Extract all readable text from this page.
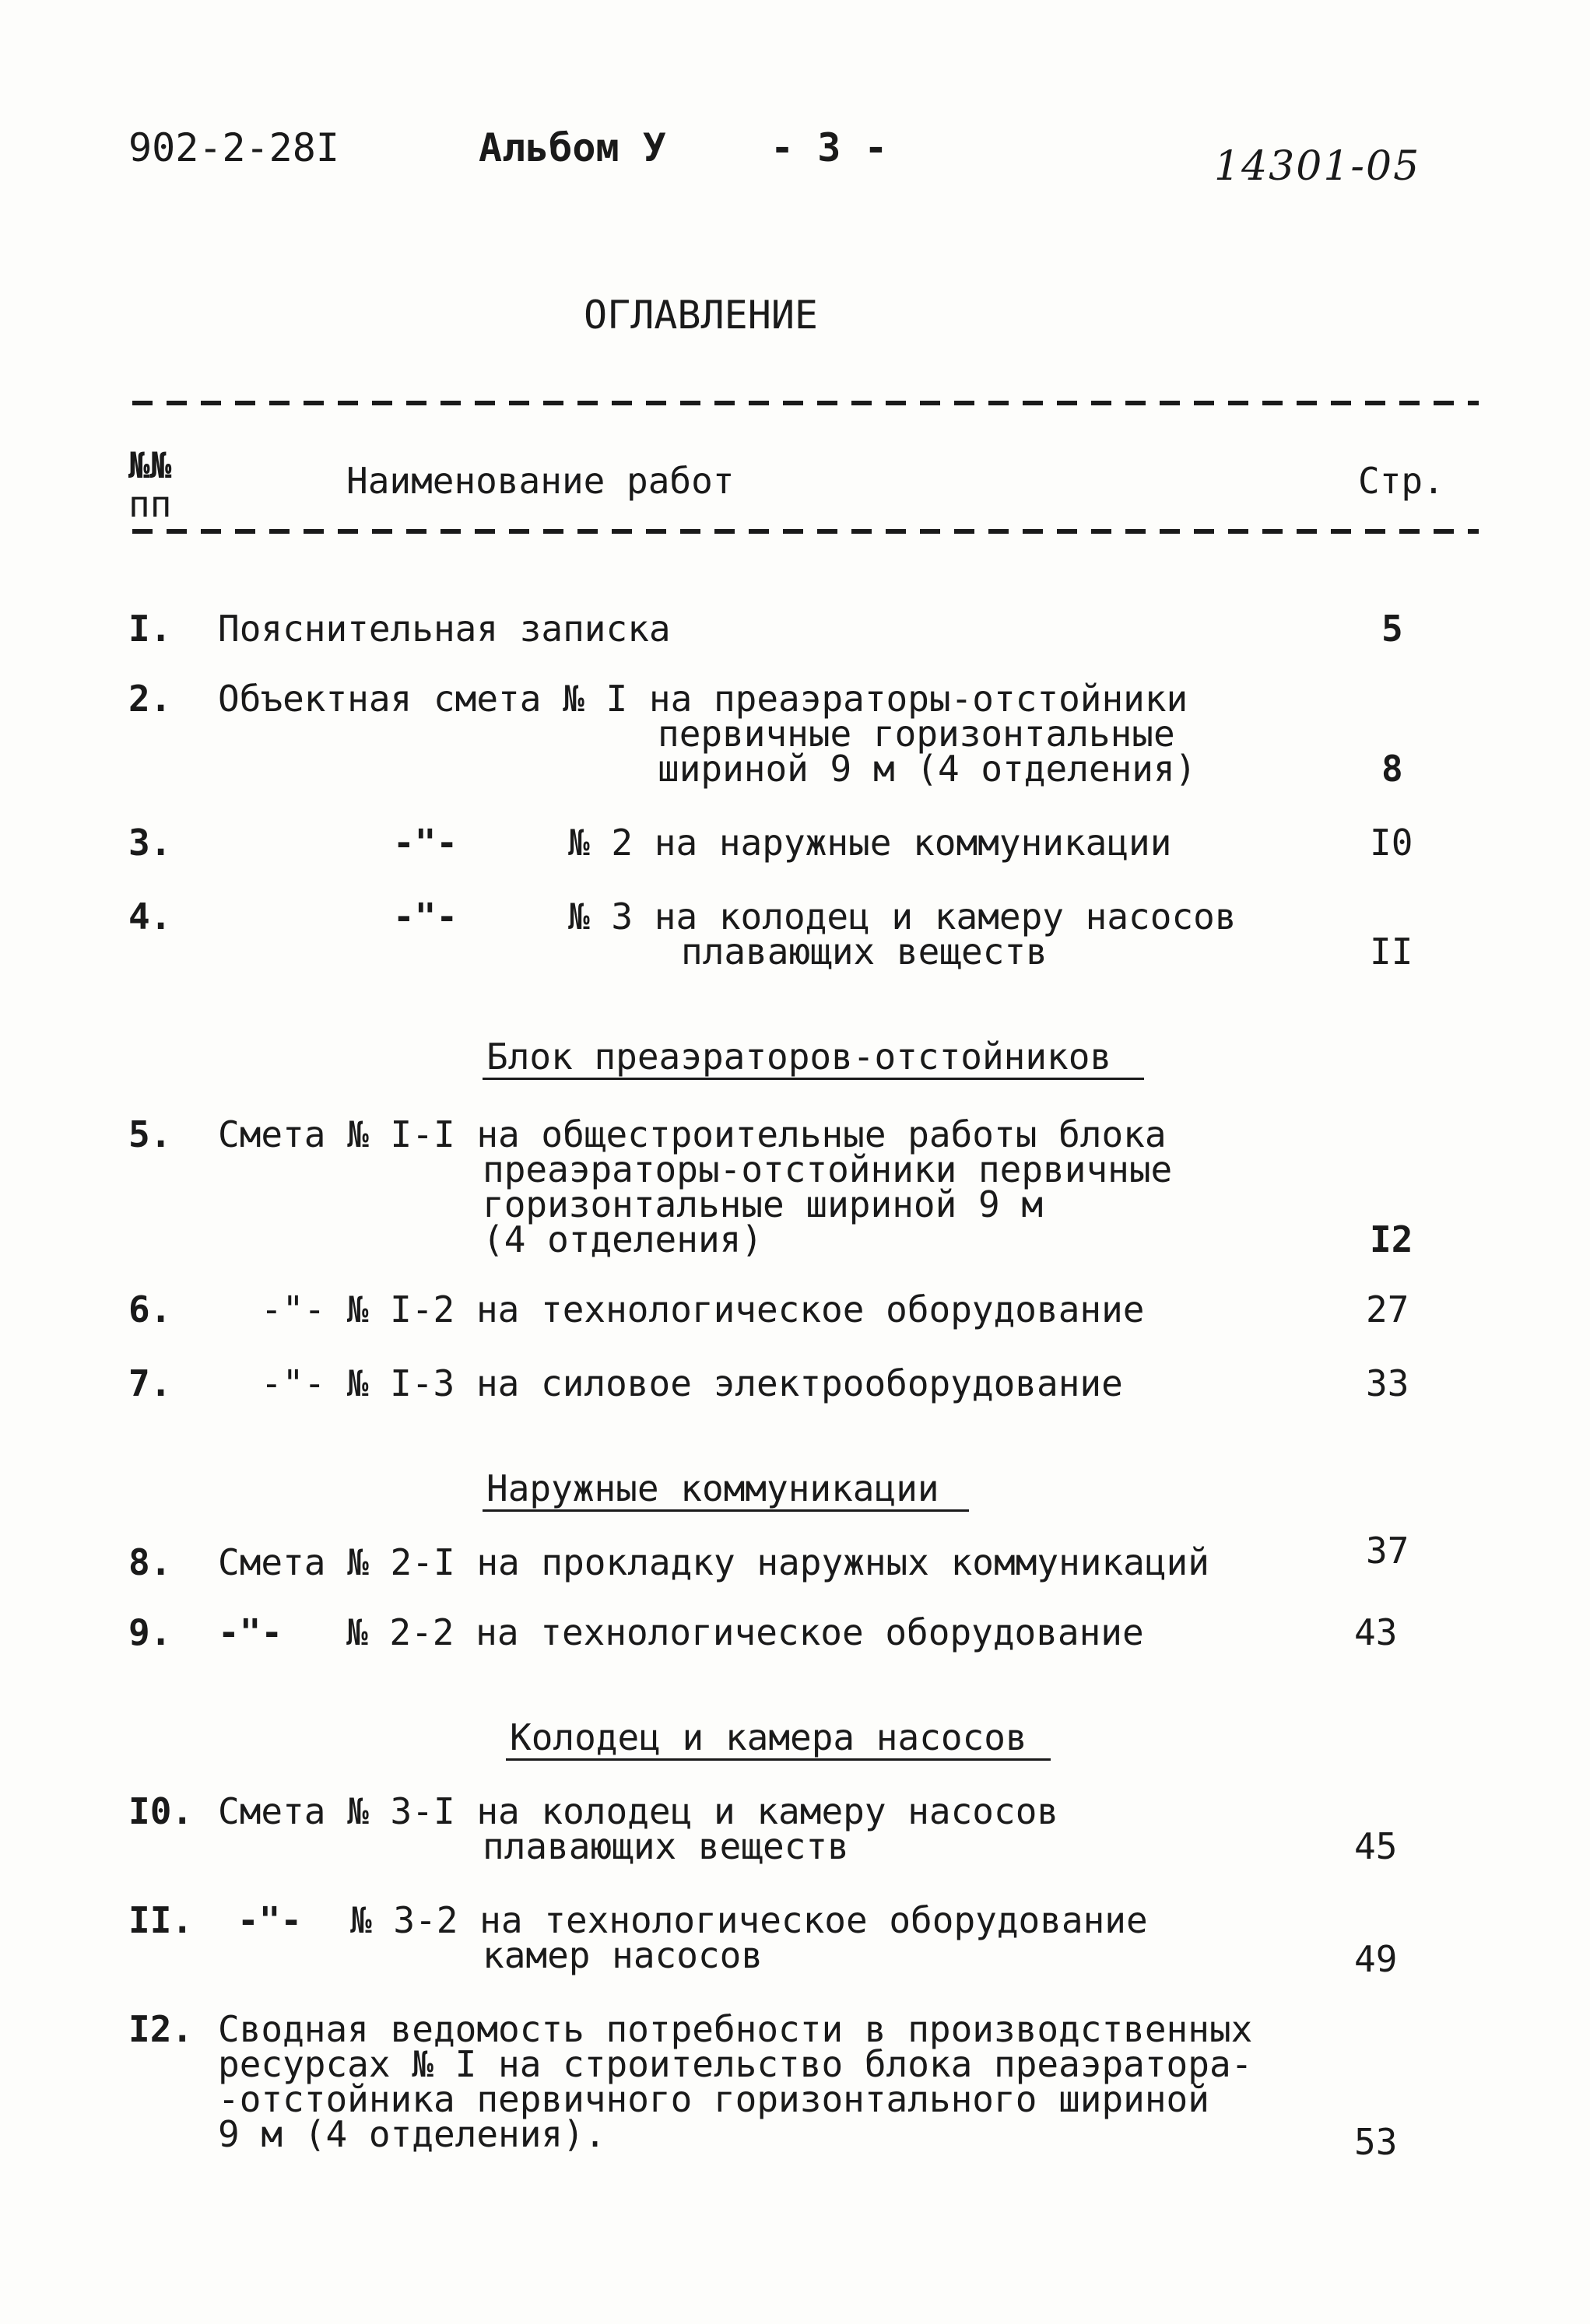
902-2-28I	Альбом У	- 3 -	14301-05
ОГЛАВЛЕНИЕ
№№
пп
Наименование работ	Стр.
I. Пояснительная записка	5
2. Объектная смета № I на преаэраторы-отстойники
первичные горизонтальные
шириной 9 м (4 отделения)	8
3.	-"-	№ 2 на наружные коммуникации	I0
4.	-"-	№ 3 на колодец и камеру насосов
плавающих веществ	II
Блок преаэраторов-отстойников
5. Смета № I-I на общестроительные работы блока
преаэраторы-отстойники первичные
горизонтальные шириной 9 м
(4 отделения)	I2
6. -"- № I-2 на технологическое оборудование	27
7. -"- № I-3 на силовое электрооборудование	33
Наружные коммуникации
8. Смета № 2-I на прокладку наружных коммуникаций	37
9. -"- № 2-2 на технологическое оборудование	43
Колодец и камера насосов
I0. Смета № 3-I на колодец и камеру насосов
плавающих веществ	45
II. -"- № 3-2 на технологическое оборудование
камер насосов	49
I2. Сводная ведомость потребности в производственных
ресурсах № I на строительство блока преаэратора-
-отстойника первичного горизонтального шириной
9 м (4 отделения).	53
